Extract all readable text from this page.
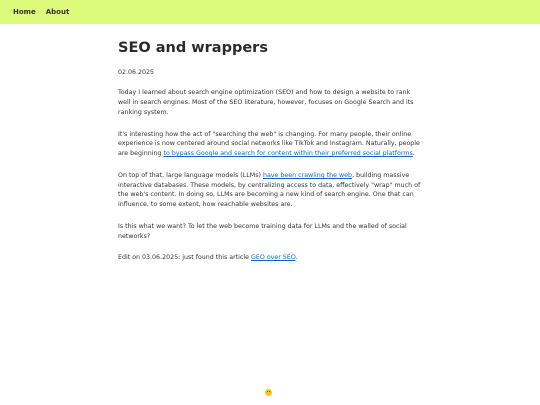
Home About
SEO and wrappers
02.06.2025

Today I learned about search engine optimization (SEO) and how to design a website to rank well in search engines. Most of the SEO literature, however, focuses on Google Search and its ranking system.

It's interesting how the act of "searching the web" is changing. For many people, their online experience is now centered around social networks like TikTok and Instagram. Naturally, people are beginning to bypass Google and search for content within their preferred social platforms.

On top of that, large language models (LLMs) have been crawling the web, building massive interactive databases. These models, by centralizing access to data, effectively "wrap" much of the web's content. In doing so, LLMs are becoming a new kind of search engine. One that can influence, to some extent, how reachable websites are.

Is this what we want? To let the web become training data for LLMs and the walled of social networks?

Edit on 03.06.2025: just found this article GEO over SEO.
